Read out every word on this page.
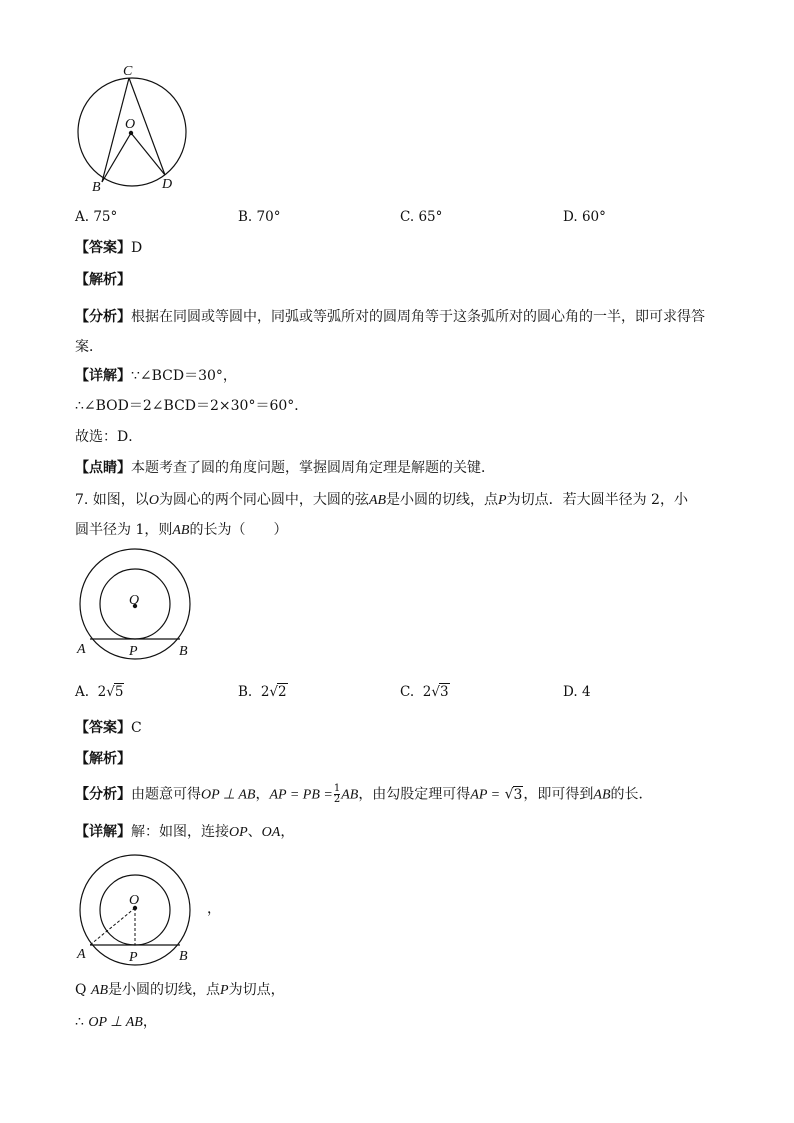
C
O
B	D
A. 75°	B. 70°	C. 65°	D. 60°
【答案】D
【解析】
【分析】根据在同圆或等圆中，同弧或等弧所对的圆周角等于这条弧所对的圆心角的一半，即可求得答案．
【详解】∵∠BCD＝30°，
∴∠BOD＝2∠BCD＝2×30°＝60°．
故选：D．
【点睛】本题考查了圆的角度问题，掌握圆周角定理是解题的关键．
7. 如图，以O为圆心的两个同心圆中，大圆的弦AB是小圆的切线，点P为切点．若大圆半径为 2，小
圆半径为 1，则AB的长为（　　）
O
A	P	B
A. 2√5	B. 2√2	C. 2√3	D. 4
【答案】C
【解析】
【分析】由题意可得OP ⊥ AB，AP = PB = $\frac{1}{2}$ AB，由勾股定理可得AP = √3，即可得到AB的长．
【详解】解：如图，连接OP、OA，
O
A	P	B
，
Q AB是小圆的切线，点P为切点，
∴ OP ⊥ AB，
